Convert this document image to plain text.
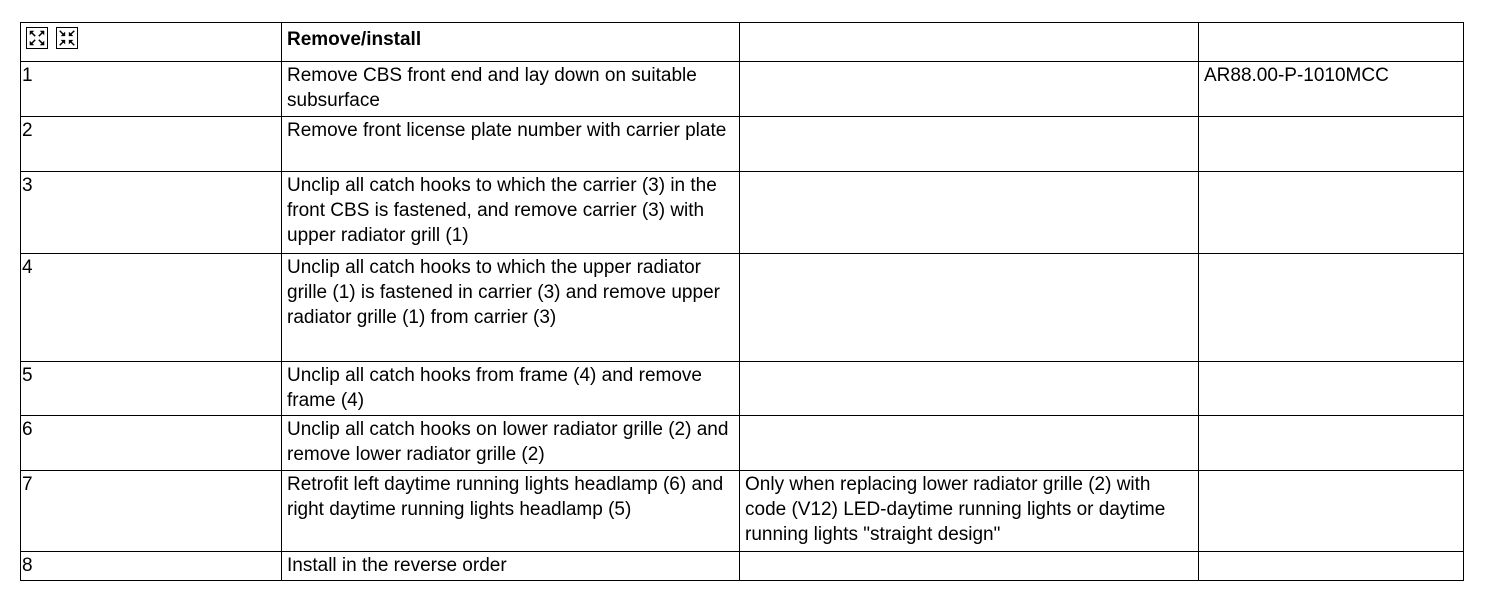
	Remove/install		
1	Remove CBS front end and lay down on suitable subsurface		AR88.00-P-1010MCC
2	Remove front license plate number with carrier plate		
3	Unclip all catch hooks to which the carrier (3) in the front CBS is fastened, and remove carrier (3) with upper radiator grill (1)		
4	Unclip all catch hooks to which the upper radiator grille (1) is fastened in carrier (3) and remove upper radiator grille (1) from carrier (3)		
5	Unclip all catch hooks from frame (4) and remove frame (4)		
6	Unclip all catch hooks on lower radiator grille (2) and remove lower radiator grille (2)		
7	Retrofit left daytime running lights headlamp (6) and right daytime running lights headlamp (5)	Only when replacing lower radiator grille (2) with code (V12) LED-daytime running lights or daytime running lights "straight design"	
8	Install in the reverse order		
